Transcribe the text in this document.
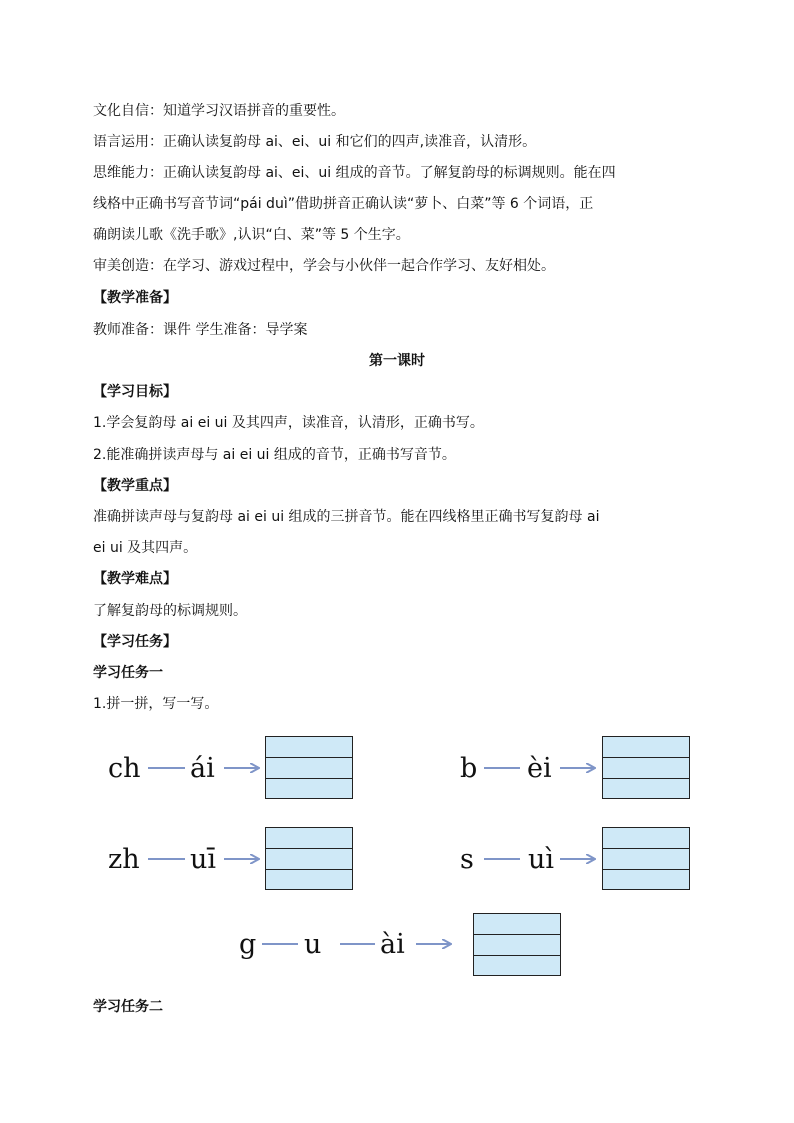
文化自信：知道学习汉语拼音的重要性。
语言运用：正确认读复韵母 ai、ei、ui 和它们的四声,读准音，认清形。
思维能力：正确认读复韵母 ai、ei、ui 组成的音节。了解复韵母的标调规则。能在四
线格中正确书写音节词“pái duì”借助拼音正确认读“萝卜、白菜”等 6 个词语，正
确朗读儿歌《洗手歌》,认识“白、菜”等 5 个生字。
审美创造：在学习、游戏过程中，学会与小伙伴一起合作学习、友好相处。
【教学准备】
教师准备：课件 学生准备：导学案
第一课时
【学习目标】
1.学会复韵母 ai ei ui 及其四声，读准音，认清形，正确书写。
2.能准确拼读声母与 ai ei ui 组成的音节，正确书写音节。
【教学重点】
准确拼读声母与复韵母 ai ei ui 组成的三拼音节。能在四线格里正确书写复韵母 ai
ei ui 及其四声。
【教学难点】
了解复韵母的标调规则。
【学习任务】
学习任务一
1.拼一拼，写一写。
学习任务二
ch ái	b èi
zh uī	s uì
g u ài
